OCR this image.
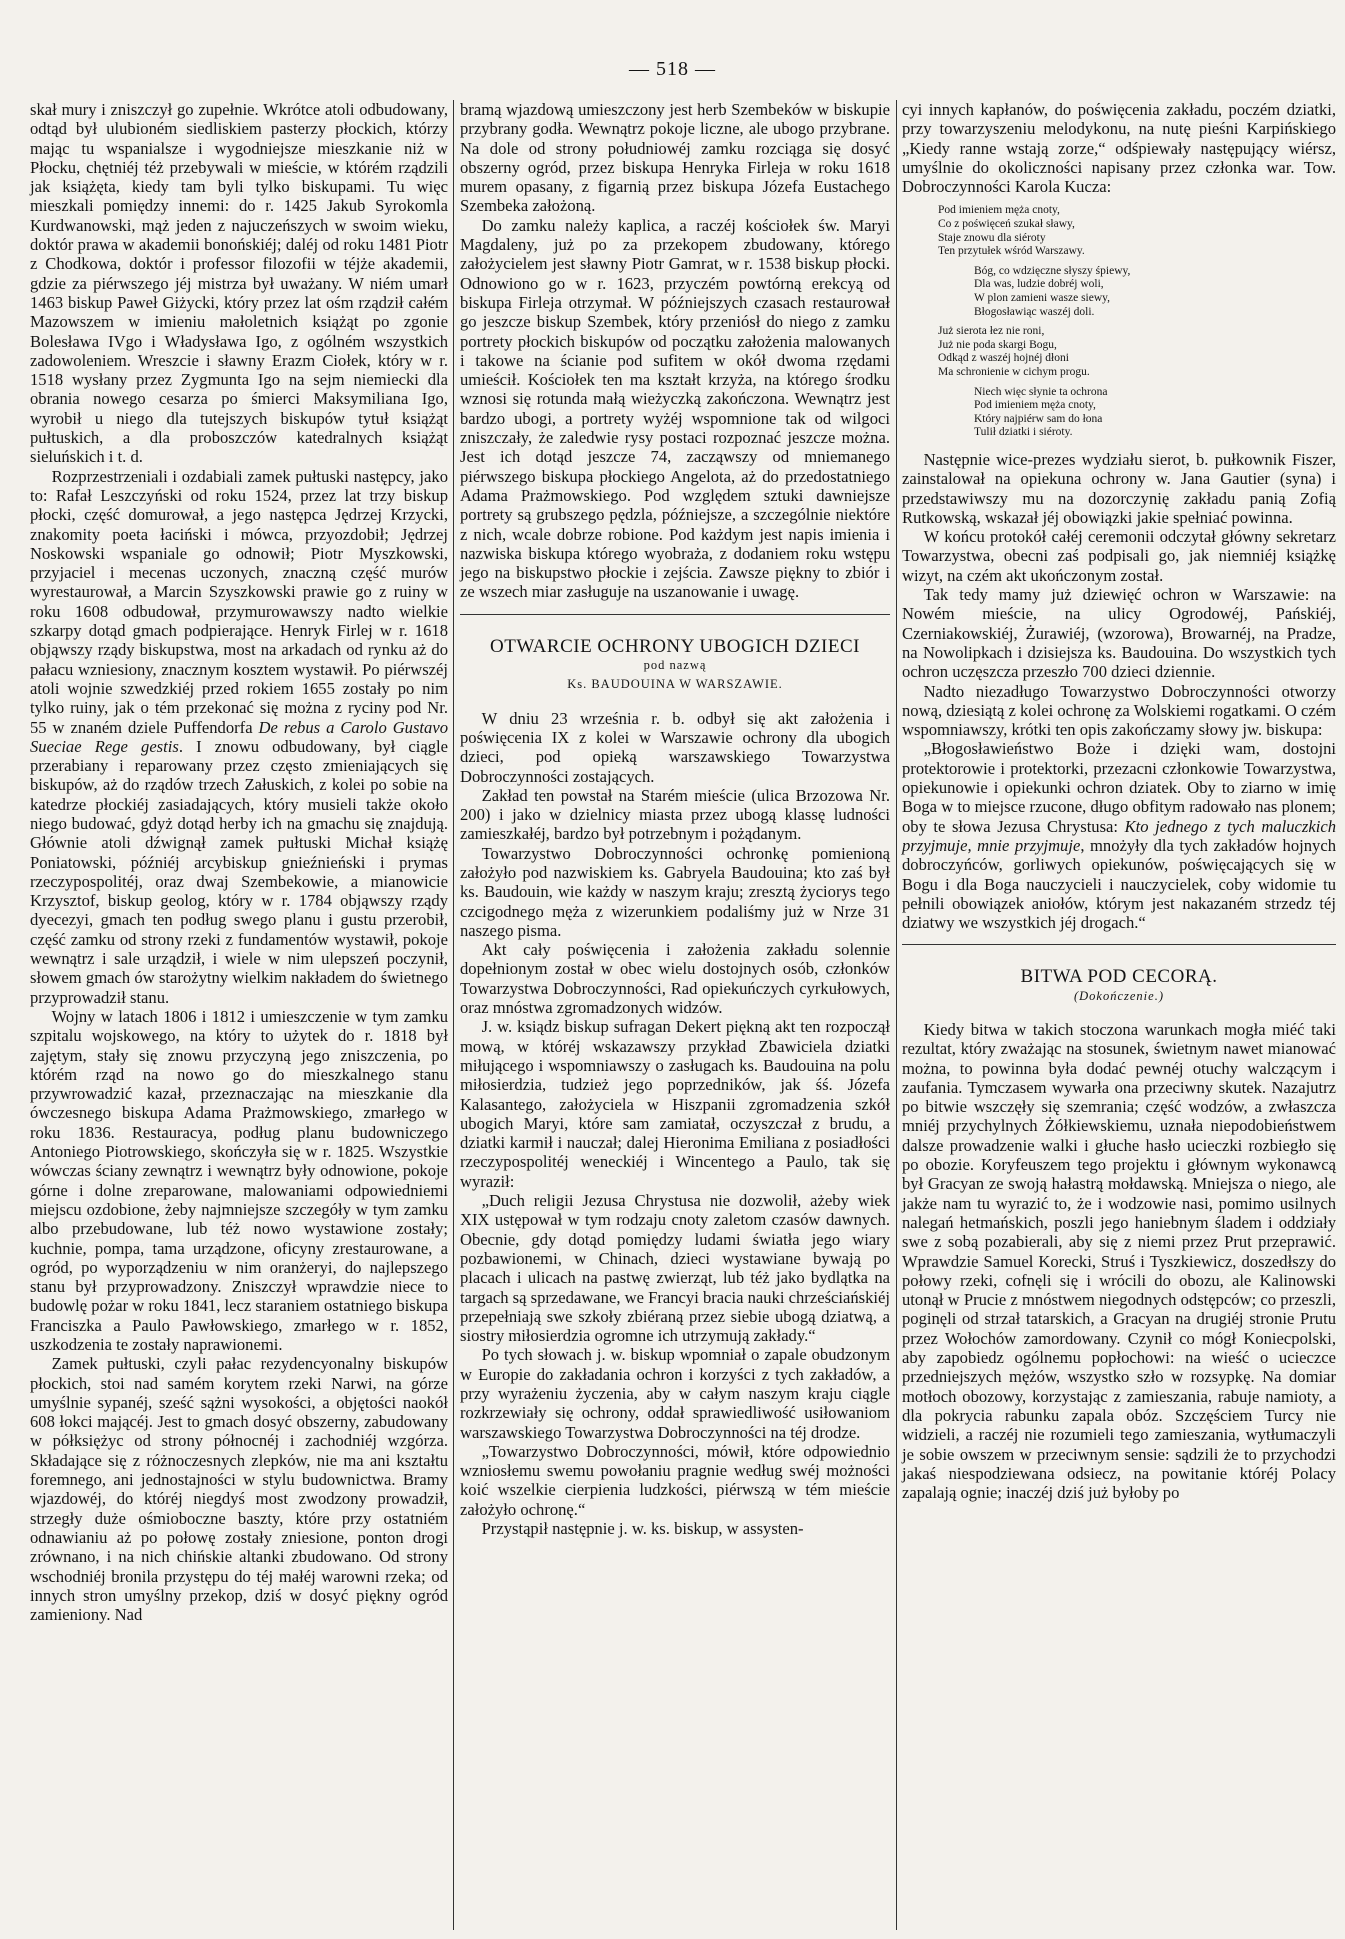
— 518 —

skał mury i zniszczył go zupełnie. Wkrótce atoli odbudowany, odtąd był ulubioném siedliskiem pasterzy płockich, którzy mając tu wspanialsze i wygodniejsze mieszkanie niż w Płocku, chętniéj téż przebywali w mieście, w którém rządzili jak książęta, kiedy tam byli tylko biskupami. Tu więc mieszkali pomiędzy innemi: do r. 1425 Jakub Syrokomla Kurdwanowski, mąż jeden z najuczeńszych w swoim wieku, doktór prawa w akademii bonońskiéj; daléj od roku 1481 Piotr z Chodkowa, doktór i professor filozofii w téjże akademii, gdzie za piérwszego jéj mistrza był uważany. W niém umarł 1463 biskup Paweł Giżycki, który przez lat ośm rządził całém Mazowszem w imieniu małoletnich książąt po zgonie Bolesława IVgo i Władysława Igo, z ogólném wszystkich zadowoleniem. Wreszcie i sławny Erazm Ciołek, który w r. 1518 wysłany przez Zygmunta Igo na sejm niemiecki dla obrania nowego cesarza po śmierci Maksymiliana Igo, wyrobił u niego dla tutejszych biskupów tytuł książąt pułtuskich, a dla proboszczów katedralnych książąt sieluńskich i t. d.

Rozprzestrzeniali i ozdabiali zamek pułtuski następcy, jako to: Rafał Leszczyński od roku 1524, przez lat trzy biskup płocki, część domurował, a jego następca Jędrzej Krzycki, znakomity poeta łaciński i mówca, przyozdobił; Jędrzej Noskowski wspaniale go odnowił; Piotr Myszkowski, przyjaciel i mecenas uczonych, znaczną część murów wyrestaurował, a Marcin Szyszkowski prawie go z ruiny w roku 1608 odbudował, przymurowawszy nadto wielkie szkarpy dotąd gmach podpierające. Henryk Firlej w r. 1618 objąwszy rządy biskupstwa, most na arkadach od rynku aż do pałacu wzniesiony, znacznym kosztem wystawił. Po piérwszéj atoli wojnie szwedzkiéj przed rokiem 1655 zostały po nim tylko ruiny, jak o tém przekonać się można z ryciny pod Nr. 55 w znaném dziele Puffendorfa De rebus a Carolo Gustavo Sueciae Rege gestis. I znowu odbudowany, był ciągle przerabiany i reparowany przez często zmieniających się biskupów, aż do rządów trzech Załuskich, z kolei po sobie na katedrze płockiéj zasiadających, który musieli także około niego budować, gdyż dotąd herby ich na gmachu się znajdują. Głównie atoli dźwignął zamek pułtuski Michał książę Poniatowski, późniéj arcybiskup gnieźnieński i prymas rzeczypospolitéj, oraz dwaj Szembekowie, a mianowicie Krzysztof, biskup geolog, który w r. 1784 objąwszy rządy dyecezyi, gmach ten podług swego planu i gustu przerobił, część zamku od strony rzeki z fundamentów wystawił, pokoje wewnątrz i sale urządził, i wiele w nim ulepszeń poczynił, słowem gmach ów starożytny wielkim nakładem do świetnego przyprowadził stanu.

Wojny w latach 1806 i 1812 i umieszczenie w tym zamku szpitalu wojskowego, na który to użytek do r. 1818 był zajętym, stały się znowu przyczyną jego zniszczenia, po którém rząd na nowo go do mieszkalnego stanu przywrowadzić kazał, przeznaczając na mieszkanie dla ówczesnego biskupa Adama Prażmowskiego, zmarłego w roku 1836. Restauracya, podług planu budowniczego Antoniego Piotrowskiego, skończyła się w r. 1825. Wszystkie wówczas ściany zewnątrz i wewnątrz były odnowione, pokoje górne i dolne zreparowane, malowaniami odpowiedniemi miejscu ozdobione, żeby najmniejsze szczegóły w tym zamku albo przebudowane, lub téż nowo wystawione zostały; kuchnie, pompa, tama urządzone, oficyny zrestaurowane, a ogród, po wyporządzeniu w nim oranżeryi, do najlepszego stanu był przyprowadzony. Zniszczył wprawdzie niece to budowlę pożar w roku 1841, lecz staraniem ostatniego biskupa Franciszka a Paulo Pawłowskiego, zmarłego w r. 1852, uszkodzenia te zostały naprawionemi.

Zamek pułtuski, czyli pałac rezydencyonalny biskupów płockich, stoi nad samém korytem rzeki Narwi, na górze umyślnie sypanéj, sześć sążni wysokości, a objętości naokół 608 łokci mającéj. Jest to gmach dosyć obszerny, zabudowany w półksiężyc od strony północnéj i zachodniéj wzgórza. Składające się z różnoczesnych zlepków, nie ma ani kształtu foremnego, ani jednostajności w stylu budownictwa. Bramy wjazdowéj, do któréj niegdyś most zwodzony prowadził, strzegły duże ośmioboczne baszty, które przy ostatniém odnawianiu aż po połowę zostały zniesione, ponton drogi zrównano, i na nich chińskie altanki zbudowano. Od strony wschodniéj bronila przystępu do téj małéj warowni rzeka; od innych stron umyślny przekop, dziś w dosyć piękny ogród zamieniony. Nad

bramą wjazdową umieszczony jest herb Szembeków w biskupie przybrany godła. Wewnątrz pokoje liczne, ale ubogo przybrane. Na dole od strony południowéj zamku rozciąga się dosyć obszerny ogród, przez biskupa Henryka Firleja w roku 1618 murem opasany, z figarnią przez biskupa Józefa Eustachego Szembeka założoną.

Do zamku należy kaplica, a raczéj kościołek św. Maryi Magdaleny, już po za przekopem zbudowany, którego założycielem jest sławny Piotr Gamrat, w r. 1538 biskup płocki. Odnowiono go w r. 1623, przyczém powtórną erekcyą od biskupa Firleja otrzymał. W późniejszych czasach restaurował go jeszcze biskup Szembek, który przeniósł do niego z zamku portrety płockich biskupów od początku założenia malowanych i takowe na ścianie pod sufitem w okół dwoma rzędami umieścił. Kościołek ten ma kształt krzyża, na którego środku wznosi się rotunda małą wieżyczką zakończona. Wewnątrz jest bardzo ubogi, a portrety wyżéj wspomnione tak od wilgoci zniszczały, że zaledwie rysy postaci rozpoznać jeszcze można. Jest ich dotąd jeszcze 74, zacząwszy od mniemanego piérwszego biskupa płockiego Angelota, aż do przedostatniego Adama Prażmowskiego. Pod względem sztuki dawniejsze portrety są grubszego pędzla, późniejsze, a szczególnie niektóre z nich, wcale dobrze robione. Pod każdym jest napis imienia i nazwiska biskupa którego wyobraża, z dodaniem roku wstępu jego na biskupstwo płockie i zejścia. Zawsze piękny to zbiór i ze wszech miar zasługuje na uszanowanie i uwagę.

OTWARCIE OCHRONY UBOGICH DZIECI
pod nazwą
Ks. BAUDOUINA W WARSZAWIE.

W dniu 23 września r. b. odbył się akt założenia i poświęcenia IX z kolei w Warszawie ochrony dla ubogich dzieci, pod opieką warszawskiego Towarzystwa Dobroczynności zostających.

Zakład ten powstał na Starém mieście (ulica Brzozowa Nr. 200) i jako w dzielnicy miasta przez ubogą klassę ludności zamieszkałéj, bardzo był potrzebnym i pożądanym.

Towarzystwo Dobroczynności ochronkę pomienioną założyło pod nazwiskiem ks. Gabryela Baudouina; kto zaś był ks. Baudouin, wie każdy w naszym kraju; zresztą życiorys tego czcigodnego męża z wizerunkiem podaliśmy już w Nrze 31 naszego pisma.

Akt cały poświęcenia i założenia zakładu solennie dopełnionym został w obec wielu dostojnych osób, członków Towarzystwa Dobroczynności, Rad opiekuńczych cyrkułowych, oraz mnóstwa zgromadzonych widzów.

J. w. ksiądz biskup sufragan Dekert piękną akt ten rozpoczął mową, w któréj wskazawszy przykład Zbawiciela dziatki miłującego i wspomniawszy o zasługach ks. Baudouina na polu miłosierdzia, tudzież jego poprzedników, jak śś. Józefa Kalasantego, założyciela w Hiszpanii zgromadzenia szkół ubogich Maryi, które sam zamiatał, oczyszczał z brudu, a dziatki karmił i nauczał; dalej Hieronima Emiliana z posiadłości rzeczypospolitéj weneckiéj i Wincentego a Paulo, tak się wyraził:

„Duch religii Jezusa Chrystusa nie dozwolił, ażeby wiek XIX ustępował w tym rodzaju cnoty zaletom czasów dawnych. Obecnie, gdy dotąd pomiędzy ludami światła jego wiary pozbawionemi, w Chinach, dzieci wystawiane bywają po placach i ulicach na pastwę zwierząt, lub téż jako bydlątka na targach są sprzedawane, we Francyi bracia nauki chrześciańskiéj przepełniają swe szkoły zbiéraną przez siebie ubogą dziatwą, a siostry miłosierdzia ogromne ich utrzymują zakłady.“

Po tych słowach j. w. biskup wpomniał o zapale obudzonym w Europie do zakładania ochron i korzyści z tych zakładów, a przy wyrażeniu życzenia, aby w całym naszym kraju ciągle rozkrzewiały się ochrony, oddał sprawiedliwość usiłowaniom warszawskiego Towarzystwa Dobroczynności na téj drodze.

„Towarzystwo Dobroczynności, mówił, które odpowiednio wzniosłemu swemu powołaniu pragnie według swéj możności koić wszelkie cierpienia ludzkości, piérwszą w tém mieście założyło ochronę.“

Przystąpił następnie j. w. ks. biskup, w assysten-

cyi innych kapłanów, do poświęcenia zakładu, poczém dziatki, przy towarzyszeniu melodykonu, na nutę pieśni Karpińskiego „Kiedy ranne wstają zorze,“ odśpiewały następujący wiérsz, umyślnie do okoliczności napisany przez członka war. Tow. Dobroczynności Karola Kucza:

Pod imieniem męża cnoty,
Co z poświęceń szukał sławy,
Staje znowu dla siéroty
Ten przytułek wśród Warszawy.
Bóg, co wdzięczne słyszy śpiewy,
Dla was, ludzie dobréj woli,
W plon zamieni wasze siewy,
Błogosławiąc waszéj doli.
Już sierota łez nie roni,
Już nie poda skargi Bogu,
Odkąd z waszéj hojnéj dłoni
Ma schronienie w cichym progu.
Niech więc słynie ta ochrona
Pod imieniem męża cnoty,
Który najpiérw sam do łona
Tulił dziatki i siéroty.

Następnie wice-prezes wydziału sierot, b. pułkownik Fiszer, zainstalował na opiekuna ochrony w. Jana Gautier (syna) i przedstawiwszy mu na dozorczynię zakładu panią Zofią Rutkowską, wskazał jéj obowiązki jakie spełniać powinna.

W końcu protokół całéj ceremonii odczytał główny sekretarz Towarzystwa, obecni zaś podpisali go, jak niemniéj książkę wizyt, na czém akt ukończonym został.

Tak tedy mamy już dziewięć ochron w Warszawie: na Nowém mieście, na ulicy Ogrodowéj, Pańskiéj, Czerniakowskiéj, Żurawiéj, (wzorowa), Browarnéj, na Pradze, na Nowolipkach i dzisiejsza ks. Baudouina. Do wszystkich tych ochron uczęszcza przeszło 700 dzieci dziennie.

Nadto niezadługo Towarzystwo Dobroczynności otworzy nową, dziesiątą z kolei ochronę za Wolskiemi rogatkami. O czém wspomniawszy, krótki ten opis zakończamy słowy jw. biskupa:

„Błogosławieństwo Boże i dzięki wam, dostojni protektorowie i protektorki, przezacni członkowie Towarzystwa, opiekunowie i opiekunki ochron dziatek. Oby to ziarno w imię Boga w to miejsce rzucone, długo obfitym radowało nas plonem; oby te słowa Jezusa Chrystusa: Kto jednego z tych maluczkich przyjmuje, mnie przyjmuje, mnożyły dla tych zakładów hojnych dobroczyńców, gorliwych opiekunów, poświęcających się w Bogu i dla Boga nauczycieli i nauczycielek, coby widomie tu pełnili obowiązek aniołów, którym jest nakazaném strzedz téj dziatwy we wszystkich jéj drogach.“

BITWA POD CECORĄ.
(Dokończenie.)

Kiedy bitwa w takich stoczona warunkach mogła miéć taki rezultat, który zważając na stosunek, świetnym nawet mianować można, to powinna była dodać pewnéj otuchy walczącym i zaufania. Tymczasem wywarła ona przeciwny skutek. Nazajutrz po bitwie wszczęły się szemrania; część wodzów, a zwłaszcza mniéj przychylnych Żółkiewskiemu, uznała niepodobieństwem dalsze prowadzenie walki i głuche hasło ucieczki rozbiegło się po obozie. Koryfeuszem tego projektu i głównym wykonawcą był Gracyan ze swoją hałastrą mołdawską. Mniejsza o niego, ale jakże nam tu wyrazić to, że i wodzowie nasi, pomimo usilnych nalegań hetmańskich, poszli jego haniebnym śladem i oddziały swe z sobą pozabierali, aby się z niemi przez Prut przeprawić. Wprawdzie Samuel Korecki, Struś i Tyszkiewicz, doszedłszy do połowy rzeki, cofnęli się i wrócili do obozu, ale Kalinowski utonął w Prucie z mnóstwem niegodnych odstępców; co przeszli, poginęli od strzał tatarskich, a Gracyan na drugiéj stronie Prutu przez Wołochów zamordowany. Czynił co mógł Koniecpolski, aby zapobiedz ogólnemu popłochowi: na wieść o ucieczce przedniejszych mężów, wszystko szło w rozsypkę. Na domiar motłoch obozowy, korzystając z zamieszania, rabuje namioty, a dla pokrycia rabunku zapala obóz. Szczęściem Turcy nie widzieli, a raczéj nie rozumieli tego zamieszania, wytłumaczyli je sobie owszem w przeciwnym sensie: sądzili że to przychodzi jakaś niespodziewana odsiecz, na powitanie któréj Polacy zapalają ognie; inaczéj dziś już byłoby po
